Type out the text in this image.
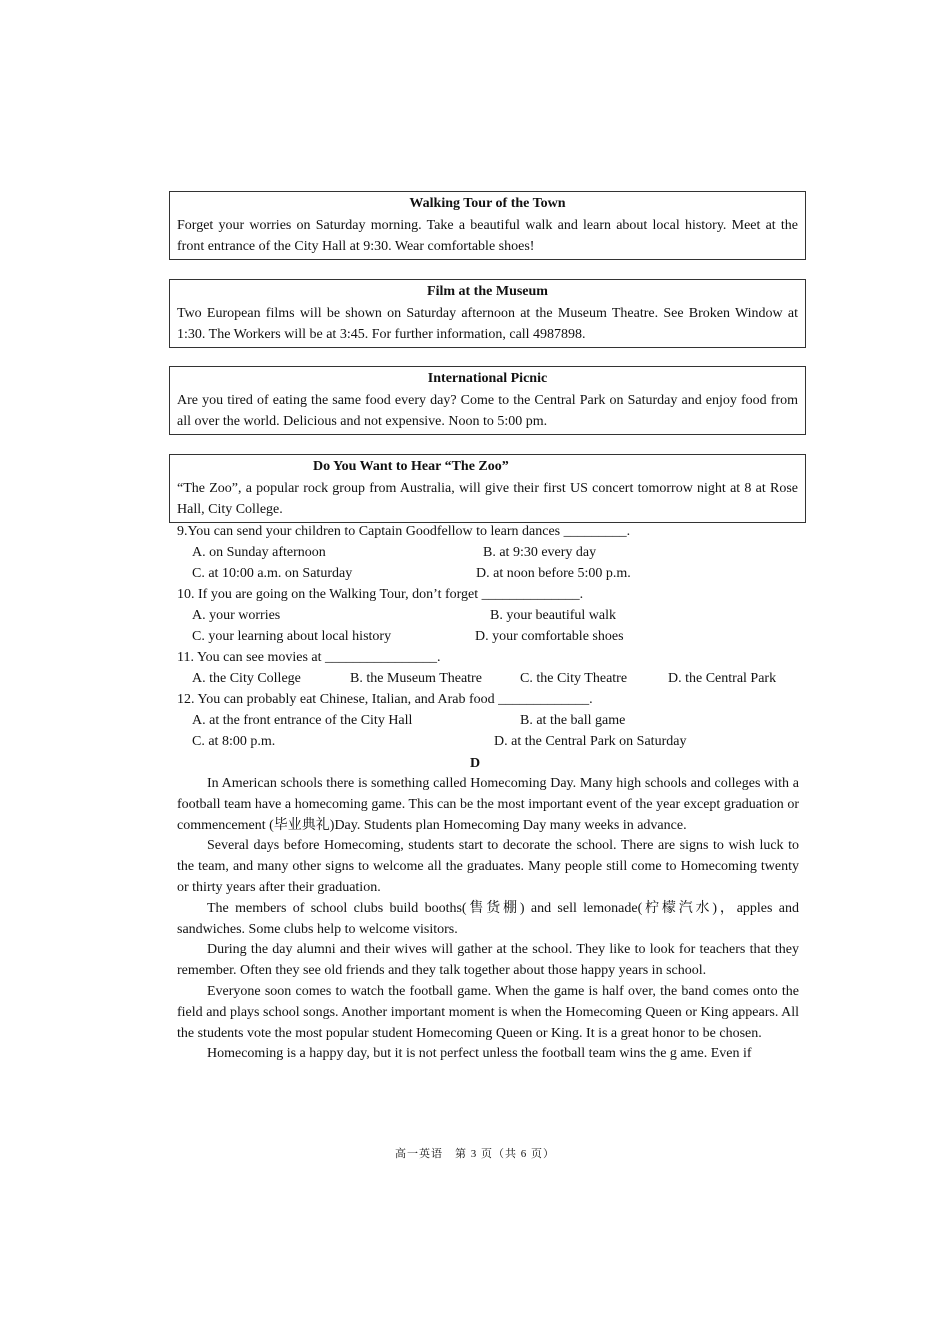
Walking Tour of the Town
Forget your worries on Saturday morning. Take a beautiful walk and learn about local history. Meet at the front entrance of the City Hall at 9:30. Wear comfortable shoes!
Film at the Museum
Two European films will be shown on Saturday afternoon at the Museum Theatre. See Broken Window at 1:30. The Workers will be at 3:45. For further information, call 4987898.
International Picnic
Are you tired of eating the same food every day? Come to the Central Park on Saturday and enjoy food from all over the world. Delicious and not expensive. Noon to 5:00 pm.
Do You Want to Hear “The Zoo”
“The Zoo”, a popular rock group from Australia, will give their first US concert tomorrow night at 8 at Rose Hall, City College.
9.You can send your children to Captain Goodfellow to learn dances _________.
A. on Sunday afternoon	B. at 9:30 every day
C. at 10:00 a.m. on Saturday	D. at noon before 5:00 p.m.
10. If you are going on the Walking Tour, don’t forget ______________.
A. your worries	B. your beautiful walk
C. your learning about local history	D. your comfortable shoes
11. You can see movies at ________________.
A. the City College	B. the Museum Theatre	C. the City Theatre	D. the Central Park
12. You can probably eat Chinese, Italian, and Arab food _____________.
A. at the front entrance of the City Hall	B. at the ball game
C. at 8:00 p.m.	D. at the Central Park on Saturday
D

In American schools there is something called Homecoming Day. Many high schools and colleges with a football team have a homecoming game. This can be the most important event of the year except graduation or commencement (毕业典礼)Day. Students plan Homecoming Day many weeks in advance.

Several days before Homecoming, students start to decorate the school. There are signs to wish luck to the team, and many other signs to welcome all the graduates. Many people still come to Homecoming twenty or thirty years after their graduation.

The members of school clubs build booths(售货棚) and sell lemonade(柠檬汽水)，apples and sandwiches. Some clubs help to welcome visitors.

During the day alumni and their wives will gather at the school. They like to look for teachers that they remember. Often they see old friends and they talk together about those happy years in school.

Everyone soon comes to watch the football game. When the game is half over, the band comes onto the field and plays school songs. Another important moment is when the Homecoming Queen or King appears. All the students vote the most popular student Homecoming Queen or King. It is a great honor to be chosen.

Homecoming is a happy day, but it is not perfect unless the football team wins the g ame. Even if

高一英语　第 3 页（共 6 页）
